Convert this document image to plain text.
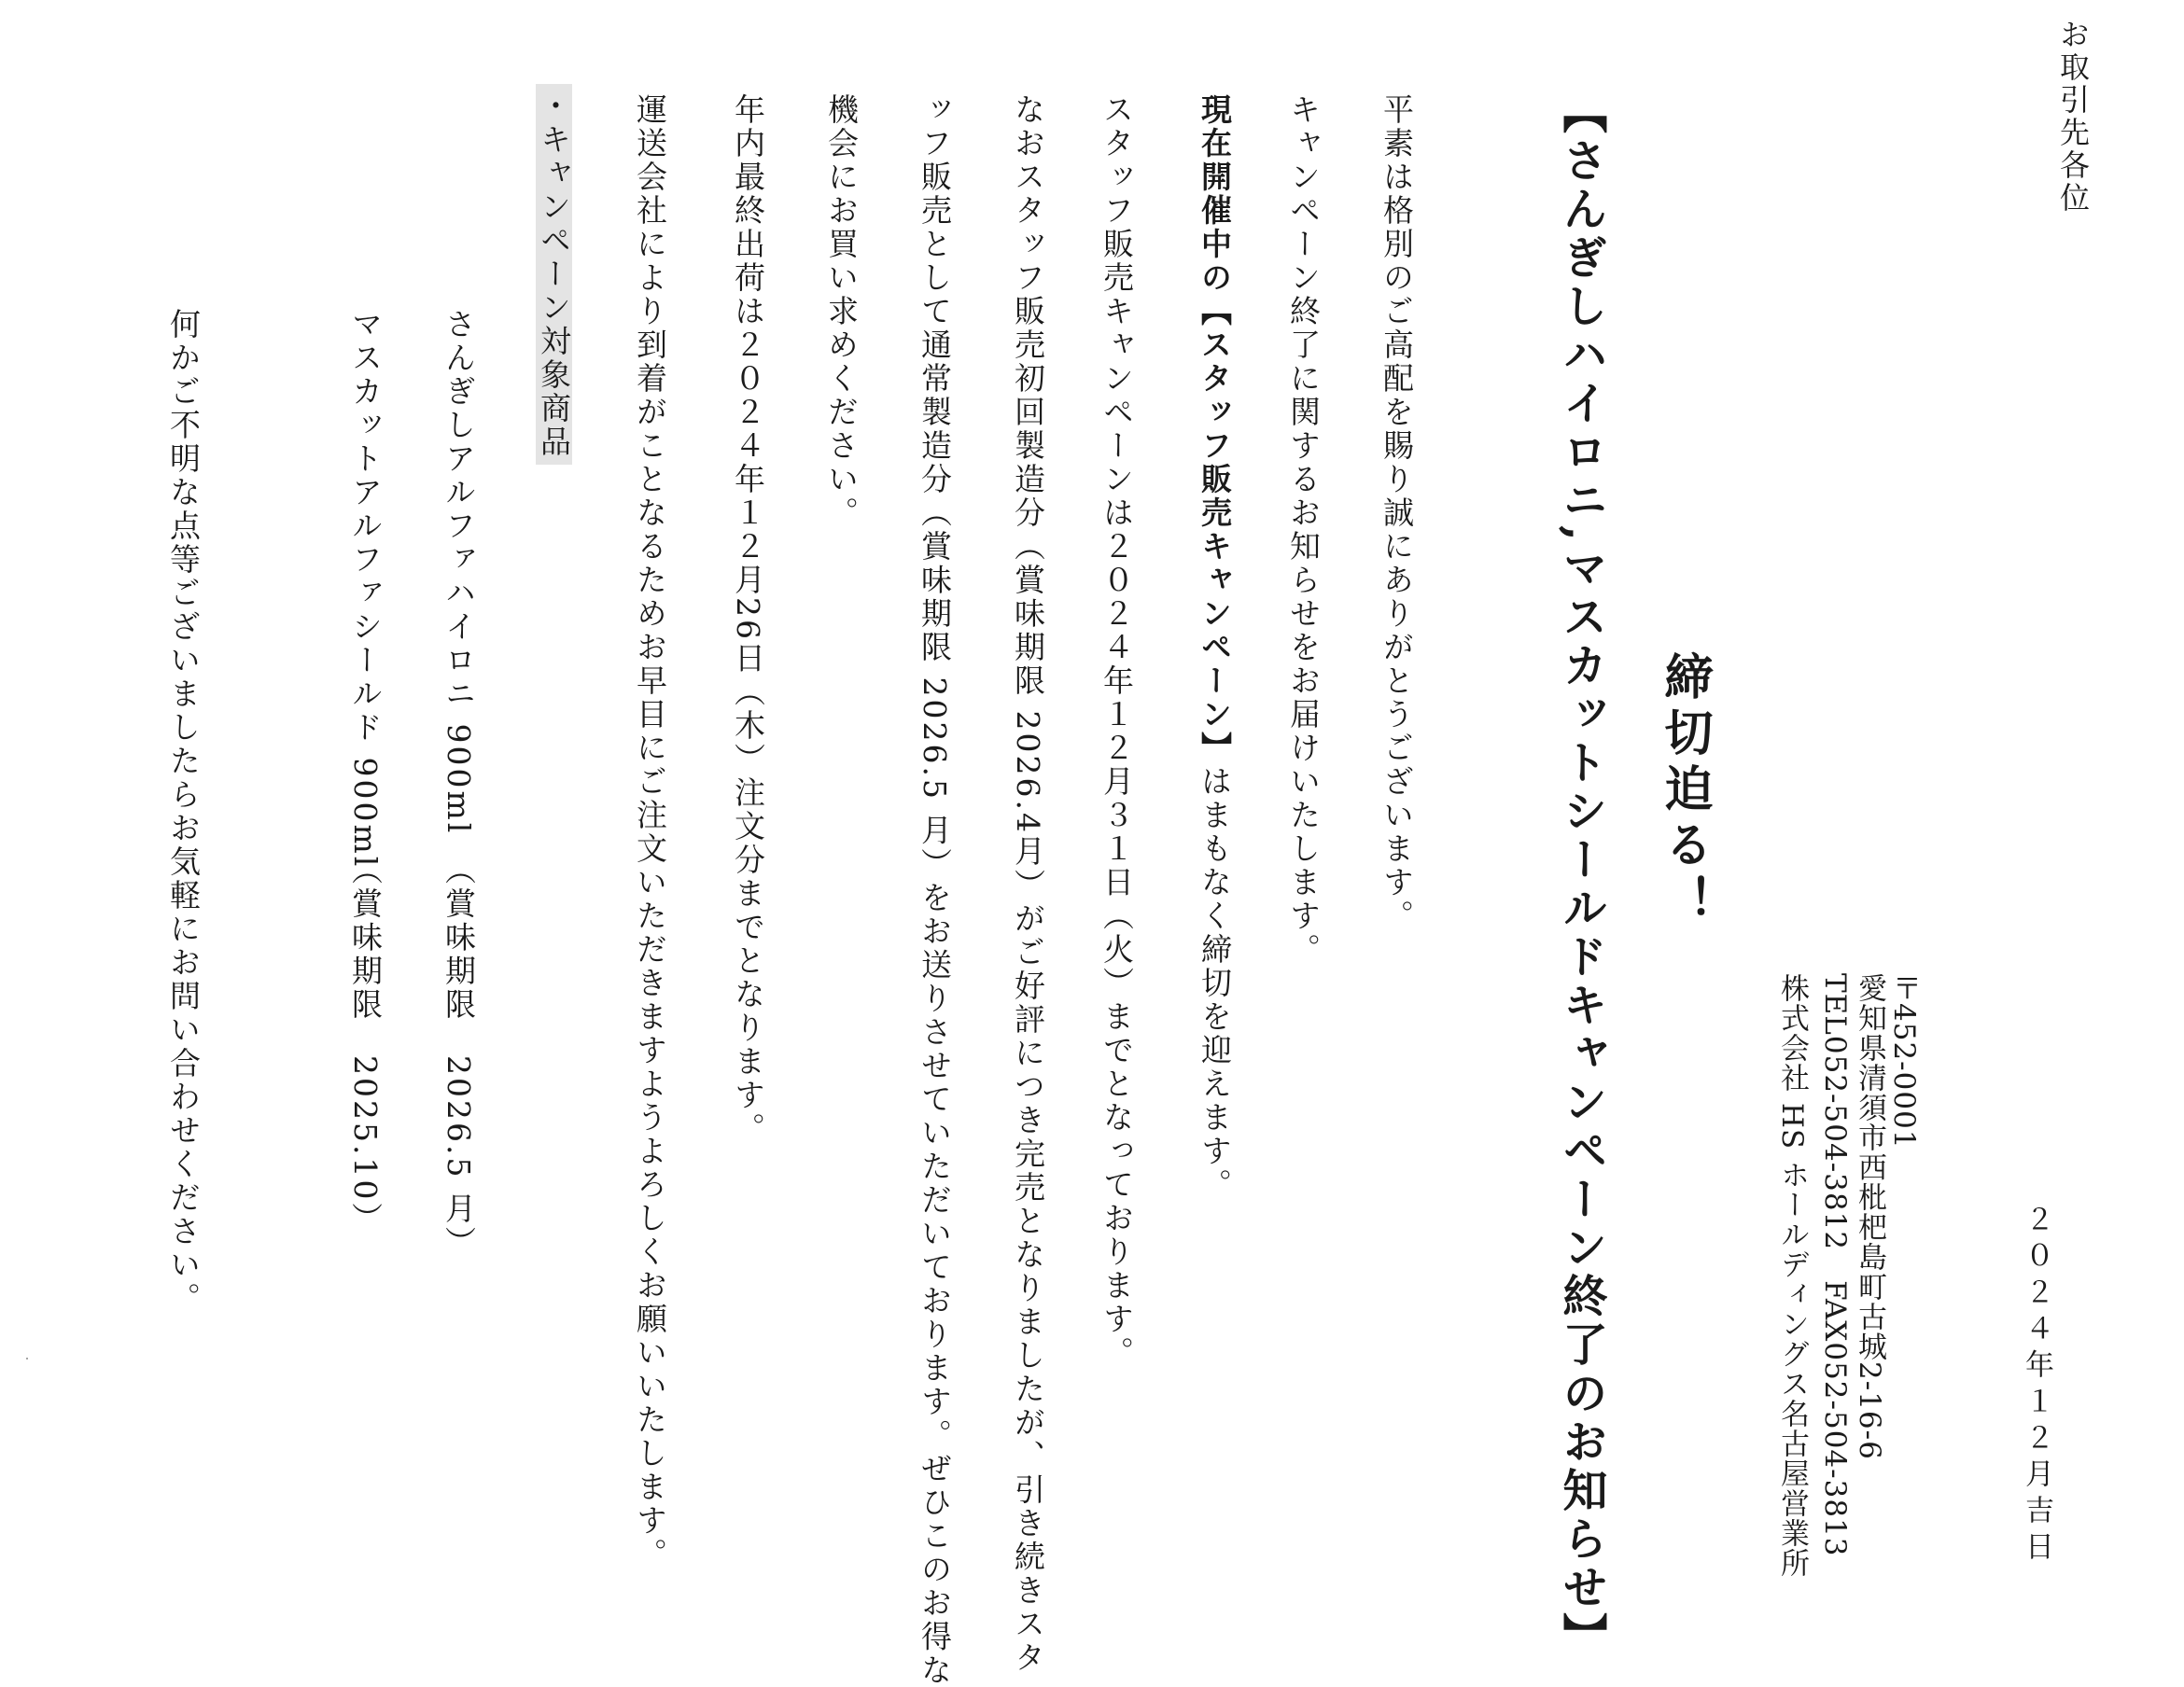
お取引先各位
２０２４年１２月吉日
〒452-0001
愛知県清須市西枇杷島町古城2-16-6
TEL052-504-3812　FAX052-504-3813
株式会社 HS ホールディングス名古屋営業所
締切迫る！
【さんぎしハイロニ,マスカットシールドキャンペーン終了のお知らせ】
平素は格別のご高配を賜り誠にありがとうございます。
キャンペーン終了に関するお知らせをお届けいたします。
現在開催中の【スタッフ販売キャンペーン】はまもなく締切を迎えます。
スタッフ販売キャンペーンは２０２４年１２月３１日（火）までとなっております。
なおスタッフ販売初回製造分（賞味期限 2026.4月）がご好評につき完売となりましたが、引き続きスタ
ッフ販売として通常製造分（賞味期限 2026.5 月）をお送りさせていただいております。ぜひこのお得な
機会にお買い求めください。
年内最終出荷は２０２４年１２月26日（木）注文分までとなります。
運送会社により到着がことなるためお早目にご注文いただきますようよろしくお願いいたします。
・キャンペーン対象商品
さんぎしアルファハイロニ 900ml
（賞味期限　2026.5 月）
マスカットアルファシールド 900ml
（賞味期限　2025.10）
何かご不明な点等ございましたらお気軽にお問い合わせください。
